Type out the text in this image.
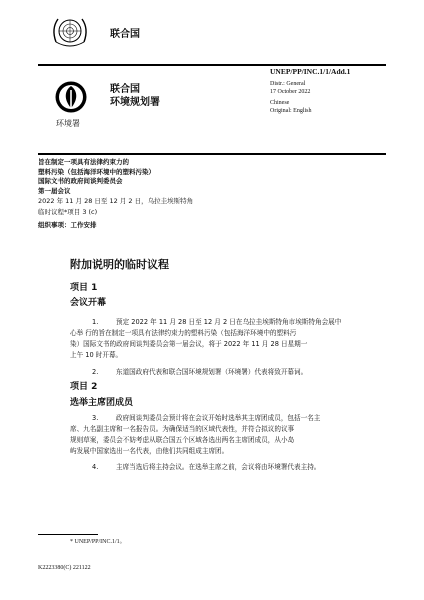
联合国
UNEP/PP/INC.1/1/Add.1
环境署
联合国
环境规划署
Distr.: General
17 October 2022
Chinese
Original: English
旨在制定一项具有法律约束力的
塑料污染（包括海洋环境中的塑料污染）
国际文书的政府间谈判委员会
第一届会议
2022 年 11 月 28 日至 12 月 2 日，乌拉圭埃斯特角
临时议程*项目 3 (c)
组织事项：工作安排
附加说明的临时议程
项目 1
会议开幕
1.	预定 2022 年 11 月 28 日至 12 月 2 日在乌拉圭埃斯特角市埃斯特角会展中
心举 行的旨在制定一项具有法律约束力的塑料污染（包括海洋环境中的塑料污
染）国际文书的政府间谈判委员会第一届会议，将于 2022 年 11 月 28 日星期一
上午 10 时开幕。
2.	东道国政府代表和联合国环境规划署（环境署）代表将致开幕词。
项目 2
选举主席团成员
3.	政府间谈判委员会预计将在会议开始时选举其主席团成员，包括一名主
席、九名副主席和一名报告员。为确保适当的区域代表性，并符合拟议的议事
规则草案，委员会不妨考虑从联合国五个区域各选出两名主席团成员，从小岛
屿发展中国家选出一名代表，由他们共同组成主席团。
4.	主席当选后将主持会议。在选举主席之前，会议将由环境署代表主持。
* UNEP/PP/INC.1/1。
K2223380(C) 221122
